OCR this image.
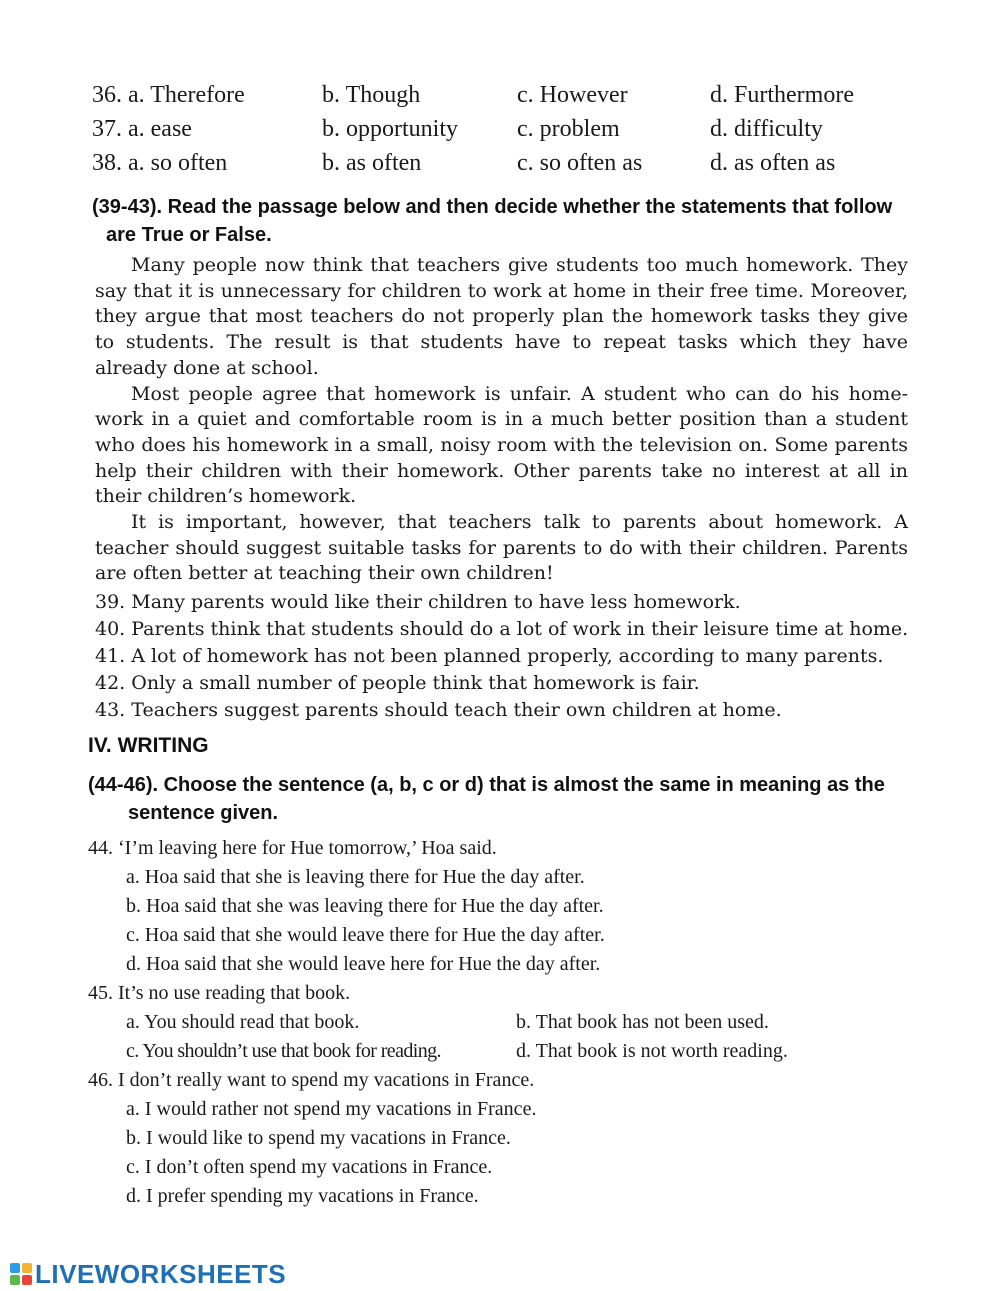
36. a. Therefore	b. Though	c. However	d. Furthermore
37. a. ease	b. opportunity c. problem	d. difficulty
38. a. so often	b. as often	c. so often as	d. as often as
(39-43). Read the passage below and then decide whether the statements that follow
are True or False.

Many people now think that teachers give students too much homework. They say that it is unnecessary for children to work at home in their free time. Moreover, they argue that most teachers do not properly plan the homework tasks they give to students. The result is that students have to repeat tasks which they have already done at school.

Most people agree that homework is unfair. A student who can do his home-work in a quiet and comfortable room is in a much better position than a student who does his homework in a small, noisy room with the television on. Some parents help their children with their homework. Other parents take no interest at all in their children’s homework.

It is important, however, that teachers talk to parents about homework. A teacher should suggest suitable tasks for parents to do with their children. Parents are often better at teaching their own children!

39. Many parents would like their children to have less homework.
40. Parents think that students should do a lot of work in their leisure time at home.
41. A lot of homework has not been planned properly, according to many parents.
42. Only a small number of people think that homework is fair.
43. Teachers suggest parents should teach their own children at home.
IV. WRITING
(44-46). Choose the sentence (a, b, c or d) that is almost the same in meaning as the
sentence given.
44. ‘I’m leaving here for Hue tomorrow,’ Hoa said.
a. Hoa said that she is leaving there for Hue the day after.
b. Hoa said that she was leaving there for Hue the day after.
c. Hoa said that she would leave there for Hue the day after.
d. Hoa said that she would leave here for Hue the day after.
45. It’s no use reading that book.
a. You should read that book.	b. That book has not been used.
c. You shouldn’t use that book for reading.	d. That book is not worth reading.
46. I don’t really want to spend my vacations in France.
a. I would rather not spend my vacations in France.
b. I would like to spend my vacations in France.
c. I don’t often spend my vacations in France.
d. I prefer spending my vacations in France.
LIVEWORKSHEETS
